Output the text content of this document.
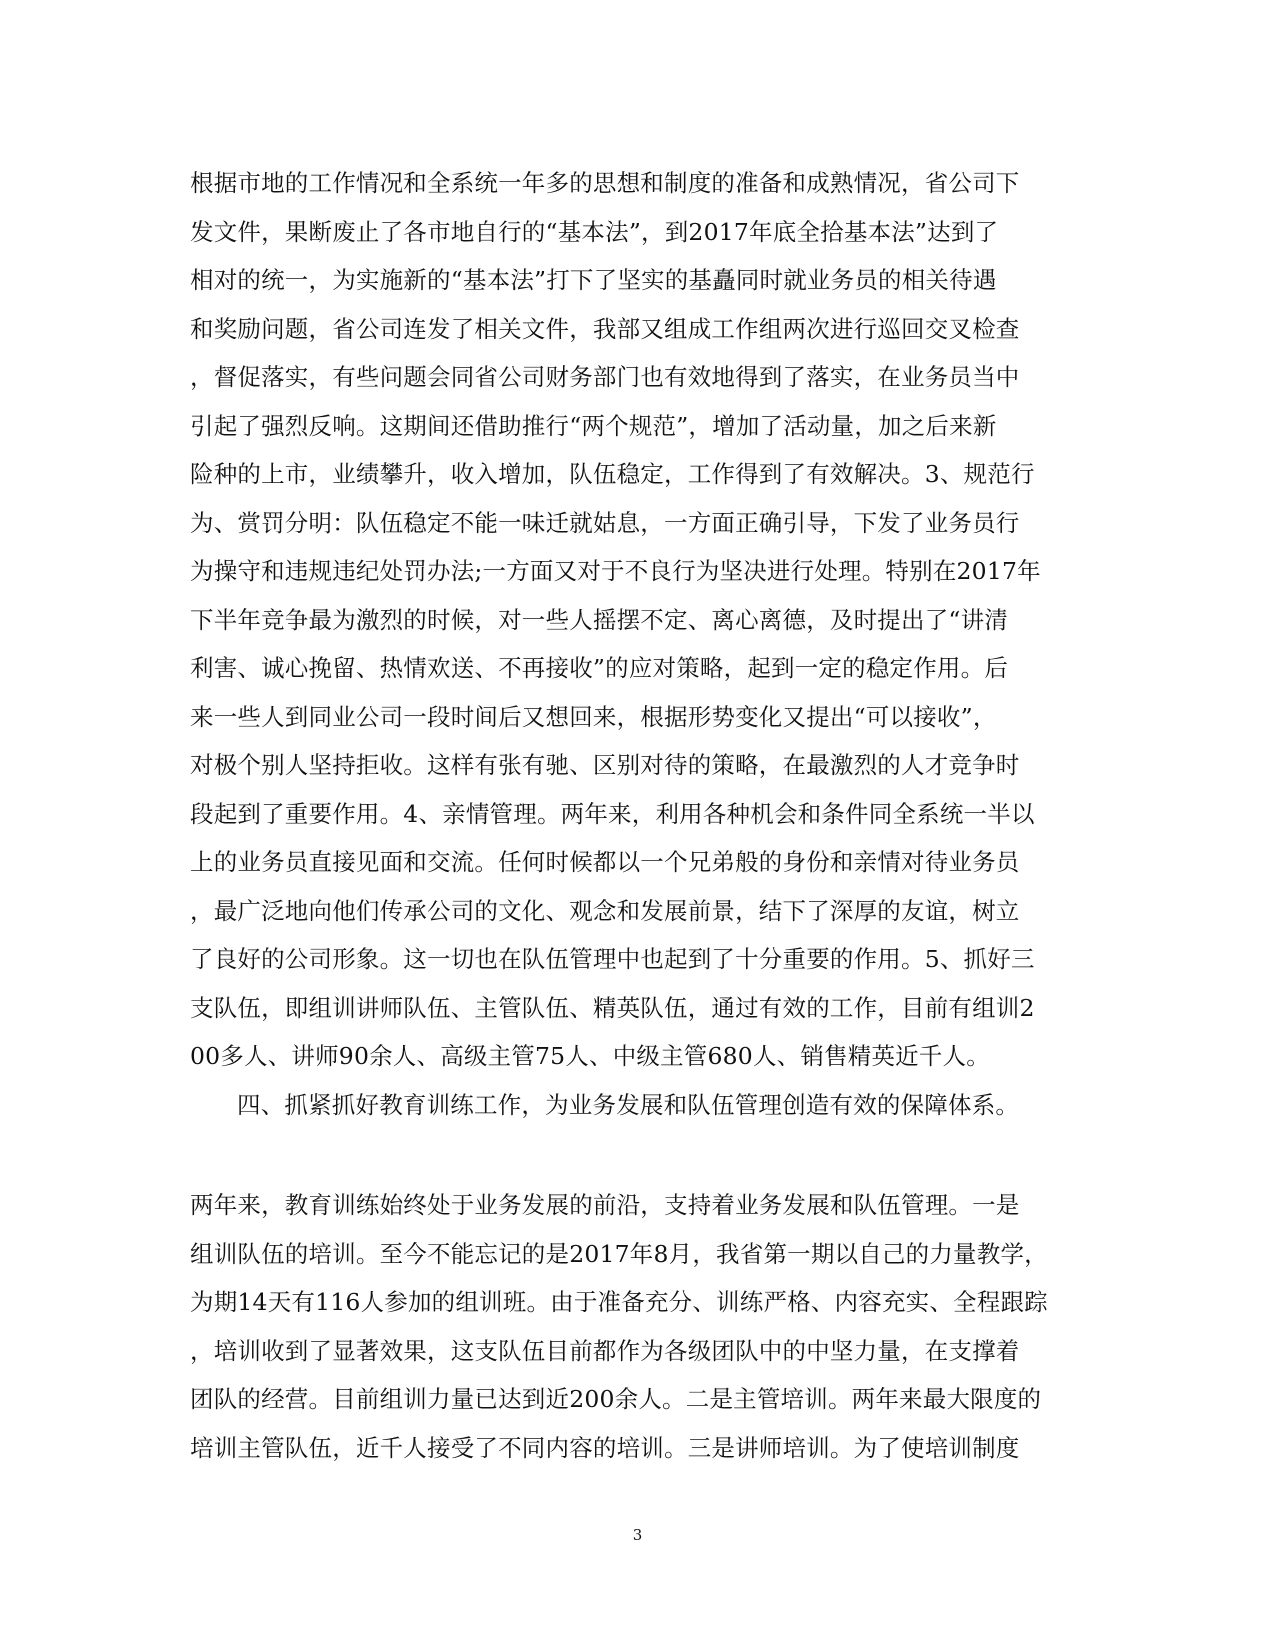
根据市地的工作情况和全系统一年多的思想和制度的准备和成熟情况，省公司下
发文件，果断废止了各市地自行的“基本法”，到2017年底全拾基本法”达到了
相对的统一，为实施新的“基本法”打下了坚实的基矗同时就业务员的相关待遇
和奖励问题，省公司连发了相关文件，我部又组成工作组两次进行巡回交叉检查
，督促落实，有些问题会同省公司财务部门也有效地得到了落实，在业务员当中
引起了强烈反响。这期间还借助推行“两个规范”，增加了活动量，加之后来新
险种的上市，业绩攀升，收入增加，队伍稳定，工作得到了有效解决。3、规范行
为、赏罚分明：队伍稳定不能一味迁就姑息，一方面正确引导，下发了业务员行
为操守和违规违纪处罚办法;一方面又对于不良行为坚决进行处理。特别在2017年
下半年竞争最为激烈的时候，对一些人摇摆不定、离心离德，及时提出了“讲清
利害、诚心挽留、热情欢送、不再接收”的应对策略，起到一定的稳定作用。后
来一些人到同业公司一段时间后又想回来，根据形势变化又提出“可以接收”，
对极个别人坚持拒收。这样有张有驰、区别对待的策略，在最激烈的人才竞争时
段起到了重要作用。4、亲情管理。两年来，利用各种机会和条件同全系统一半以
上的业务员直接见面和交流。任何时候都以一个兄弟般的身份和亲情对待业务员
，最广泛地向他们传承公司的文化、观念和发展前景，结下了深厚的友谊，树立
了良好的公司形象。这一切也在队伍管理中也起到了十分重要的作用。5、抓好三
支队伍，即组训讲师队伍、主管队伍、精英队伍，通过有效的工作，目前有组训2
00多人、讲师90余人、高级主管75人、中级主管680人、销售精英近千人。
四、抓紧抓好教育训练工作，为业务发展和队伍管理创造有效的保障体系。
两年来，教育训练始终处于业务发展的前沿，支持着业务发展和队伍管理。一是
组训队伍的培训。至今不能忘记的是2017年8月，我省第一期以自己的力量教学，
为期14天有116人参加的组训班。由于准备充分、训练严格、内容充实、全程跟踪
，培训收到了显著效果，这支队伍目前都作为各级团队中的中坚力量，在支撑着
团队的经营。目前组训力量已达到近200余人。二是主管培训。两年来最大限度的
培训主管队伍，近千人接受了不同内容的培训。三是讲师培训。为了使培训制度
3
